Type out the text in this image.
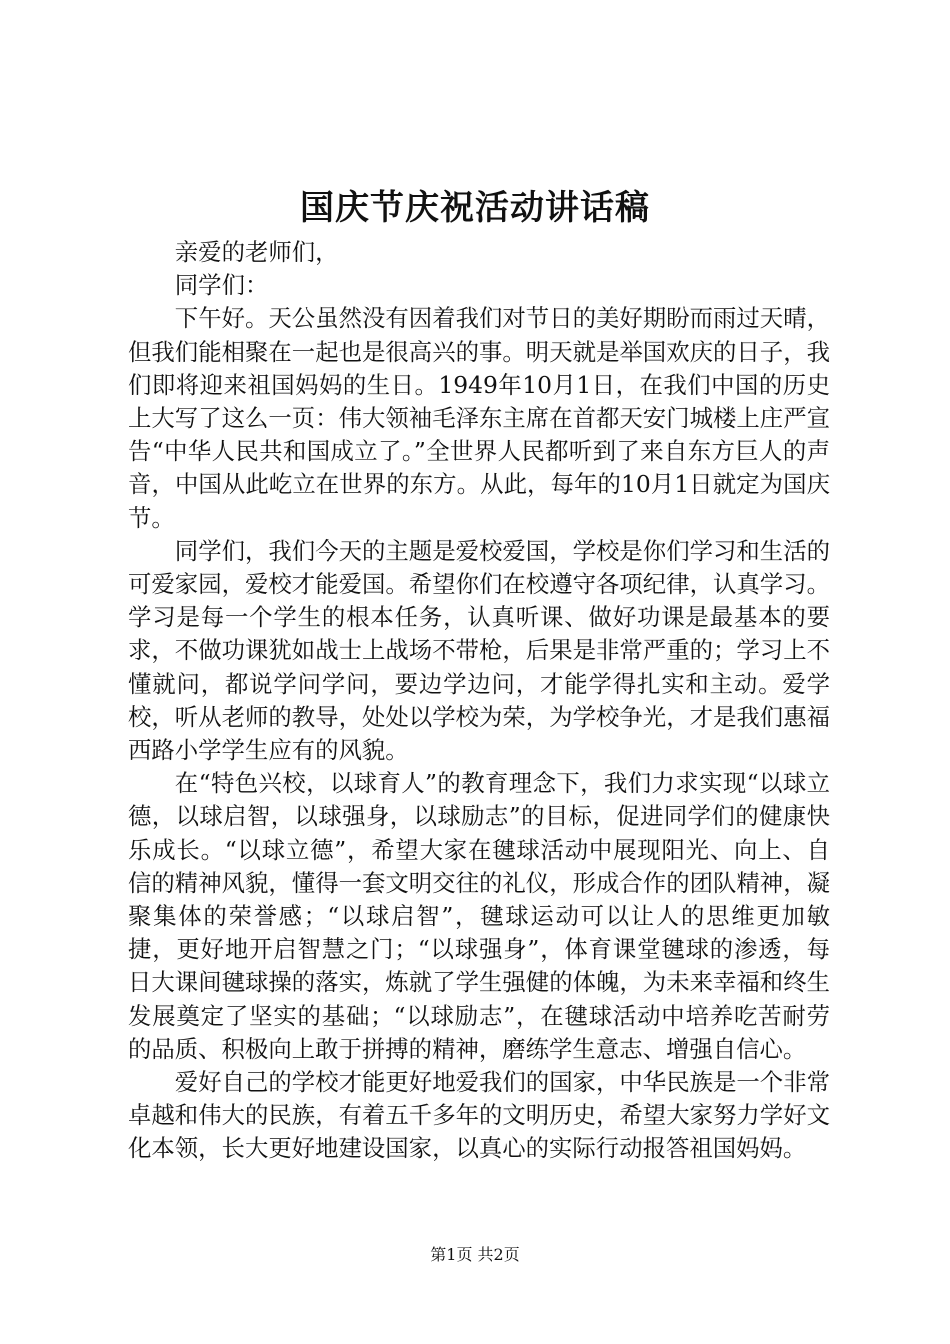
国庆节庆祝活动讲话稿

亲爱的老师们，

同学们：

下午好。天公虽然没有因着我们对节日的美好期盼而雨过天晴，但我们能相聚在一起也是很高兴的事。明天就是举国欢庆的日子，我们即将迎来祖国妈妈的生日。1949年10月1日，在我们中国的历史上大写了这么一页：伟大领袖毛泽东主席在首都天安门城楼上庄严宣告“中华人民共和国成立了。”全世界人民都听到了来自东方巨人的声音，中国从此屹立在世界的东方。从此，每年的10月1日就定为国庆节。

同学们，我们今天的主题是爱校爱国，学校是你们学习和生活的可爱家园，爱校才能爱国。希望你们在校遵守各项纪律，认真学习。学习是每一个学生的根本任务，认真听课、做好功课是最基本的要求，不做功课犹如战士上战场不带枪，后果是非常严重的；学习上不懂就问，都说学问学问，要边学边问，才能学得扎实和主动。爱学校，听从老师的教导，处处以学校为荣，为学校争光，才是我们惠福西路小学学生应有的风貌。

在“特色兴校，以球育人”的教育理念下，我们力求实现“以球立德，以球启智，以球强身，以球励志”的目标，促进同学们的健康快乐成长。“以球立德”，希望大家在毽球活动中展现阳光、向上、自信的精神风貌，懂得一套文明交往的礼仪，形成合作的团队精神，凝聚集体的荣誉感；“以球启智”，毽球运动可以让人的思维更加敏捷，更好地开启智慧之门；“以球强身”，体育课堂毽球的渗透，每日大课间毽球操的落实，炼就了学生强健的体魄，为未来幸福和终生发展奠定了坚实的基础；“以球励志”，在毽球活动中培养吃苦耐劳的品质、积极向上敢于拼搏的精神，磨练学生意志、增强自信心。

爱好自己的学校才能更好地爱我们的国家，中华民族是一个非常卓越和伟大的民族，有着五千多年的文明历史，希望大家努力学好文化本领，长大更好地建设国家，以真心的实际行动报答祖国妈妈。

第1页 共2页
